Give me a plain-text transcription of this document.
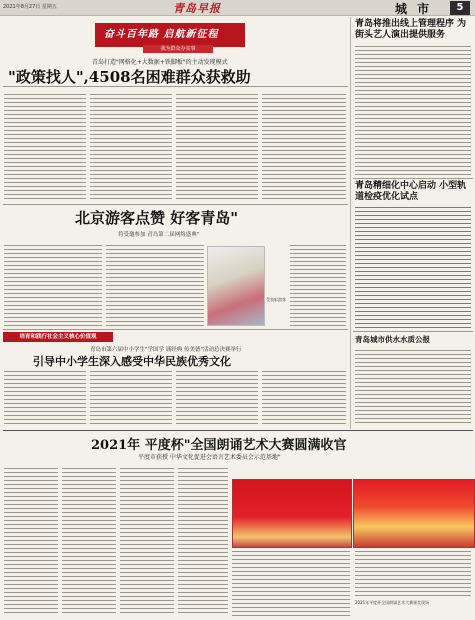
2021年8月27日 星期五	青岛早报	城 市	5
奋斗百年路 启航新征程
我为群众办实事
青岛打造"网格化+大数据+铁脚板"的主动发现模式
"政策找人",4508名困难群众获救助
北京游客点赞 好客青岛"
将受邀参加 青岛第二届网络盛典"
受表彰游客
培育和践行社会主义核心价值观
青岛市第六届中小学生"学国学 诵经典 传美德"活动总决赛举行
引导中小学生深入感受中华民族优秀文化
青岛将推出线上管理程序 为街头艺人演出提供服务
青岛精细化中心启动 小型轨道检疫优化试点
青岛城市供水水质公报
2021年 平度杯"全国朗诵艺术大赛圆满收官
平度市获授 中华文化促进会语言艺术委员会示范基地"
2021年平度杯全国朗诵艺术大赛颁奖现场
